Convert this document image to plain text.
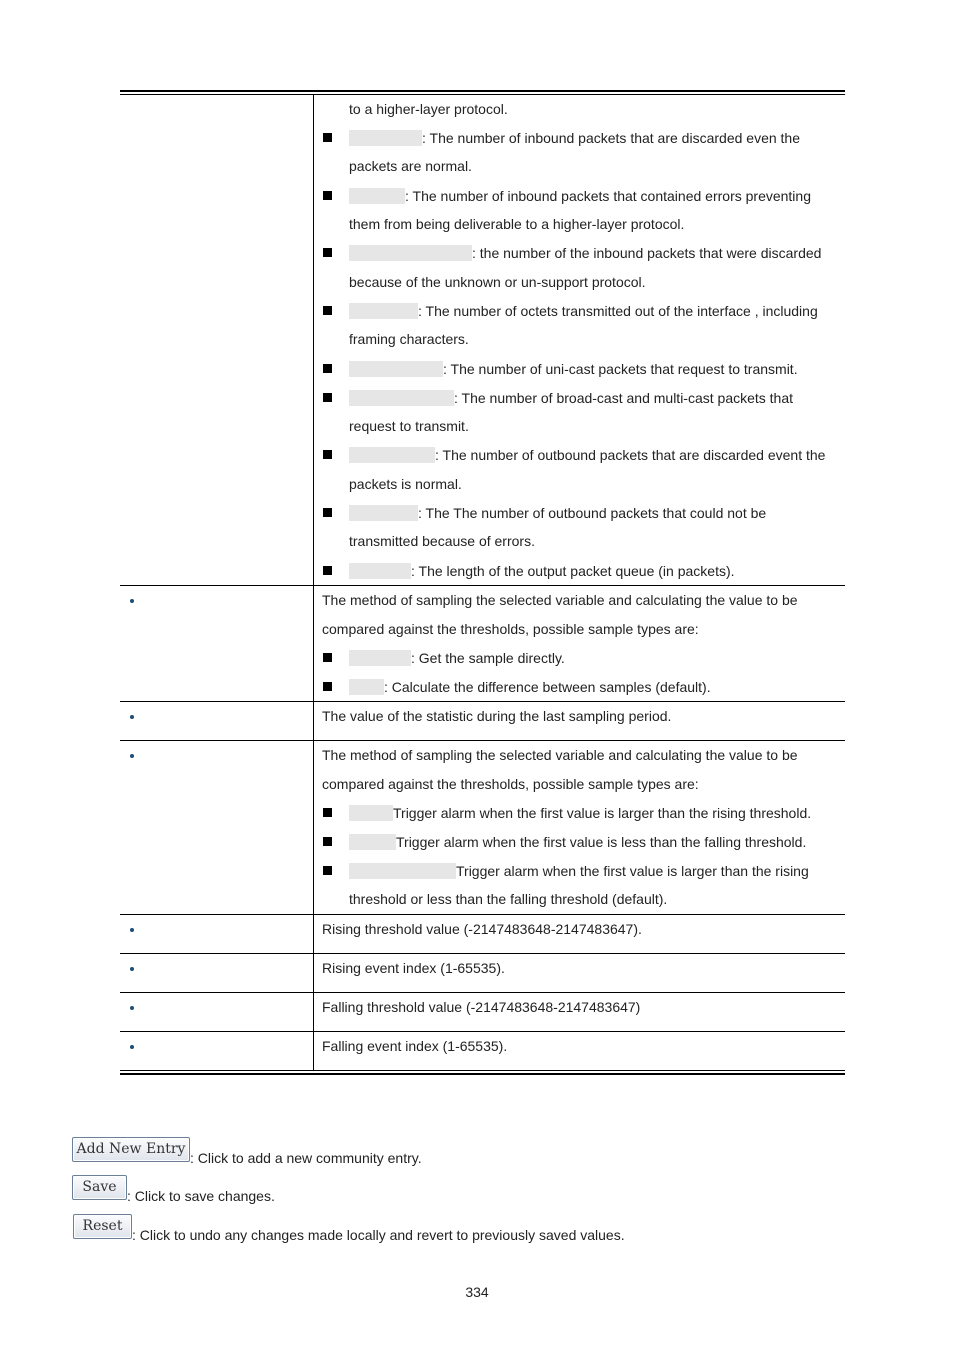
to a higher-layer protocol.
: The number of inbound packets that are discarded even the
packets are normal.
: The number of inbound packets that contained errors preventing
them from being deliverable to a higher-layer protocol.
: the number of the inbound packets that were discarded
because of the unknown or un-support protocol.
: The number of octets transmitted out of the interface , including
framing characters.
: The number of uni-cast packets that request to transmit.
: The number of broad-cast and multi-cast packets that
request to transmit.
: The number of outbound packets that are discarded event the
packets is normal.
: The The number of outbound packets that could not be
transmitted because of errors.
: The length of the output packet queue (in packets).
The method of sampling the selected variable and calculating the value to be
compared against the thresholds, possible sample types are:
: Get the sample directly.
: Calculate the difference between samples (default).
The value of the statistic during the last sampling period.
The method of sampling the selected variable and calculating the value to be
compared against the thresholds, possible sample types are:
Trigger alarm when the first value is larger than the rising threshold.
Trigger alarm when the first value is less than the falling threshold.
Trigger alarm when the first value is larger than the rising
threshold or less than the falling threshold (default).
Rising threshold value (-2147483648-2147483647).
Rising event index (1-65535).
Falling threshold value (-2147483648-2147483647)
Falling event index (1-65535).
Add New Entry
: Click to add a new community entry.
Save
: Click to save changes.
Reset
: Click to undo any changes made locally and revert to previously saved values.
334
